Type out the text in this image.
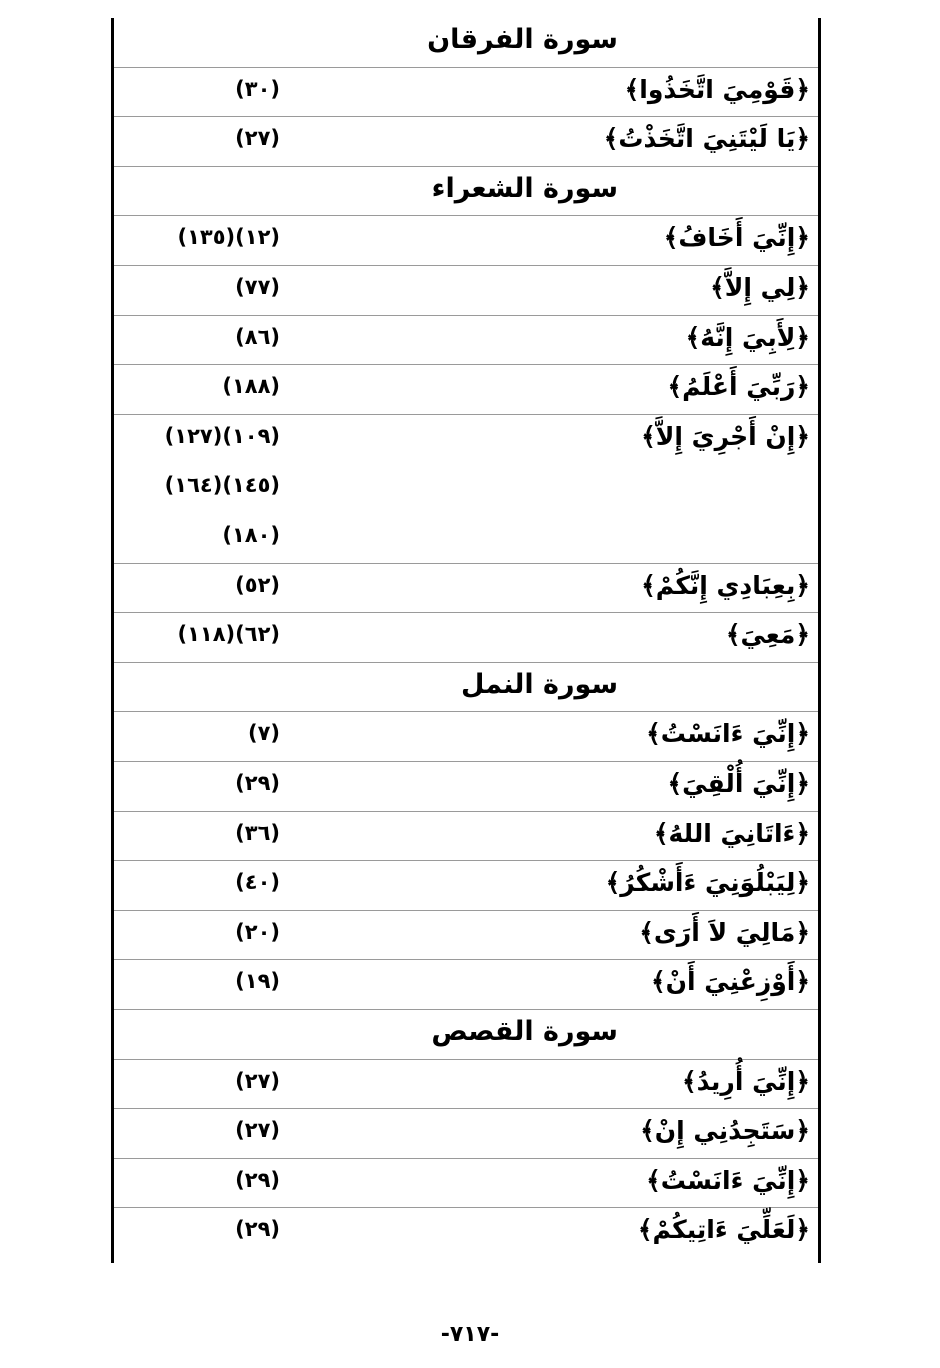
سورة الفرقان
﴿قَوْمِيَ اتَّخَذُوا﴾
(٣٠)
﴿يَا لَيْتَنِيَ اتَّخَذْتُ﴾
(٢٧)
سورة الشعراء
﴿إِنِّيَ أَخَافُ﴾
(١٣٥)(١٢)
﴿لِي إِلاَّ﴾
(٧٧)
﴿لِأَبِيَ إِنَّهُ﴾
(٨٦)
﴿رَبِّيَ أَعْلَمُ﴾
(١٨٨)
﴿إِنْ أَجْرِيَ إِلاَّ﴾
(١٢٧)(١٠٩)
(١٦٤)(١٤٥)
(١٨٠)
﴿بِعِبَادِي إِنَّكُمْ﴾
(٥٢)
﴿مَعِيَ﴾
(١١٨)(٦٢)
سورة النمل
﴿إِنِّيَ ءَانَسْتُ﴾
(٧)
﴿إِنِّيَ أُلْقِيَ﴾
(٢٩)
﴿ءَاتَانِيَ اللهُ﴾
(٣٦)
﴿لِيَبْلُوَنِيَ ءَأَشْكُرُ﴾
(٤٠)
﴿مَالِيَ لاَ أَرَى﴾
(٢٠)
﴿أَوْزِعْنِيَ أَنْ﴾
(١٩)
سورة القصص
﴿إِنِّيَ أُرِيدُ﴾
(٢٧)
﴿سَتَجِدُنِي إِنْ﴾
(٢٧)
﴿إِنِّيَ ءَانَسْتُ﴾
(٢٩)
﴿لَعَلِّيَ ءَاتِيكُمْ﴾
(٢٩)
-٧١٧-
